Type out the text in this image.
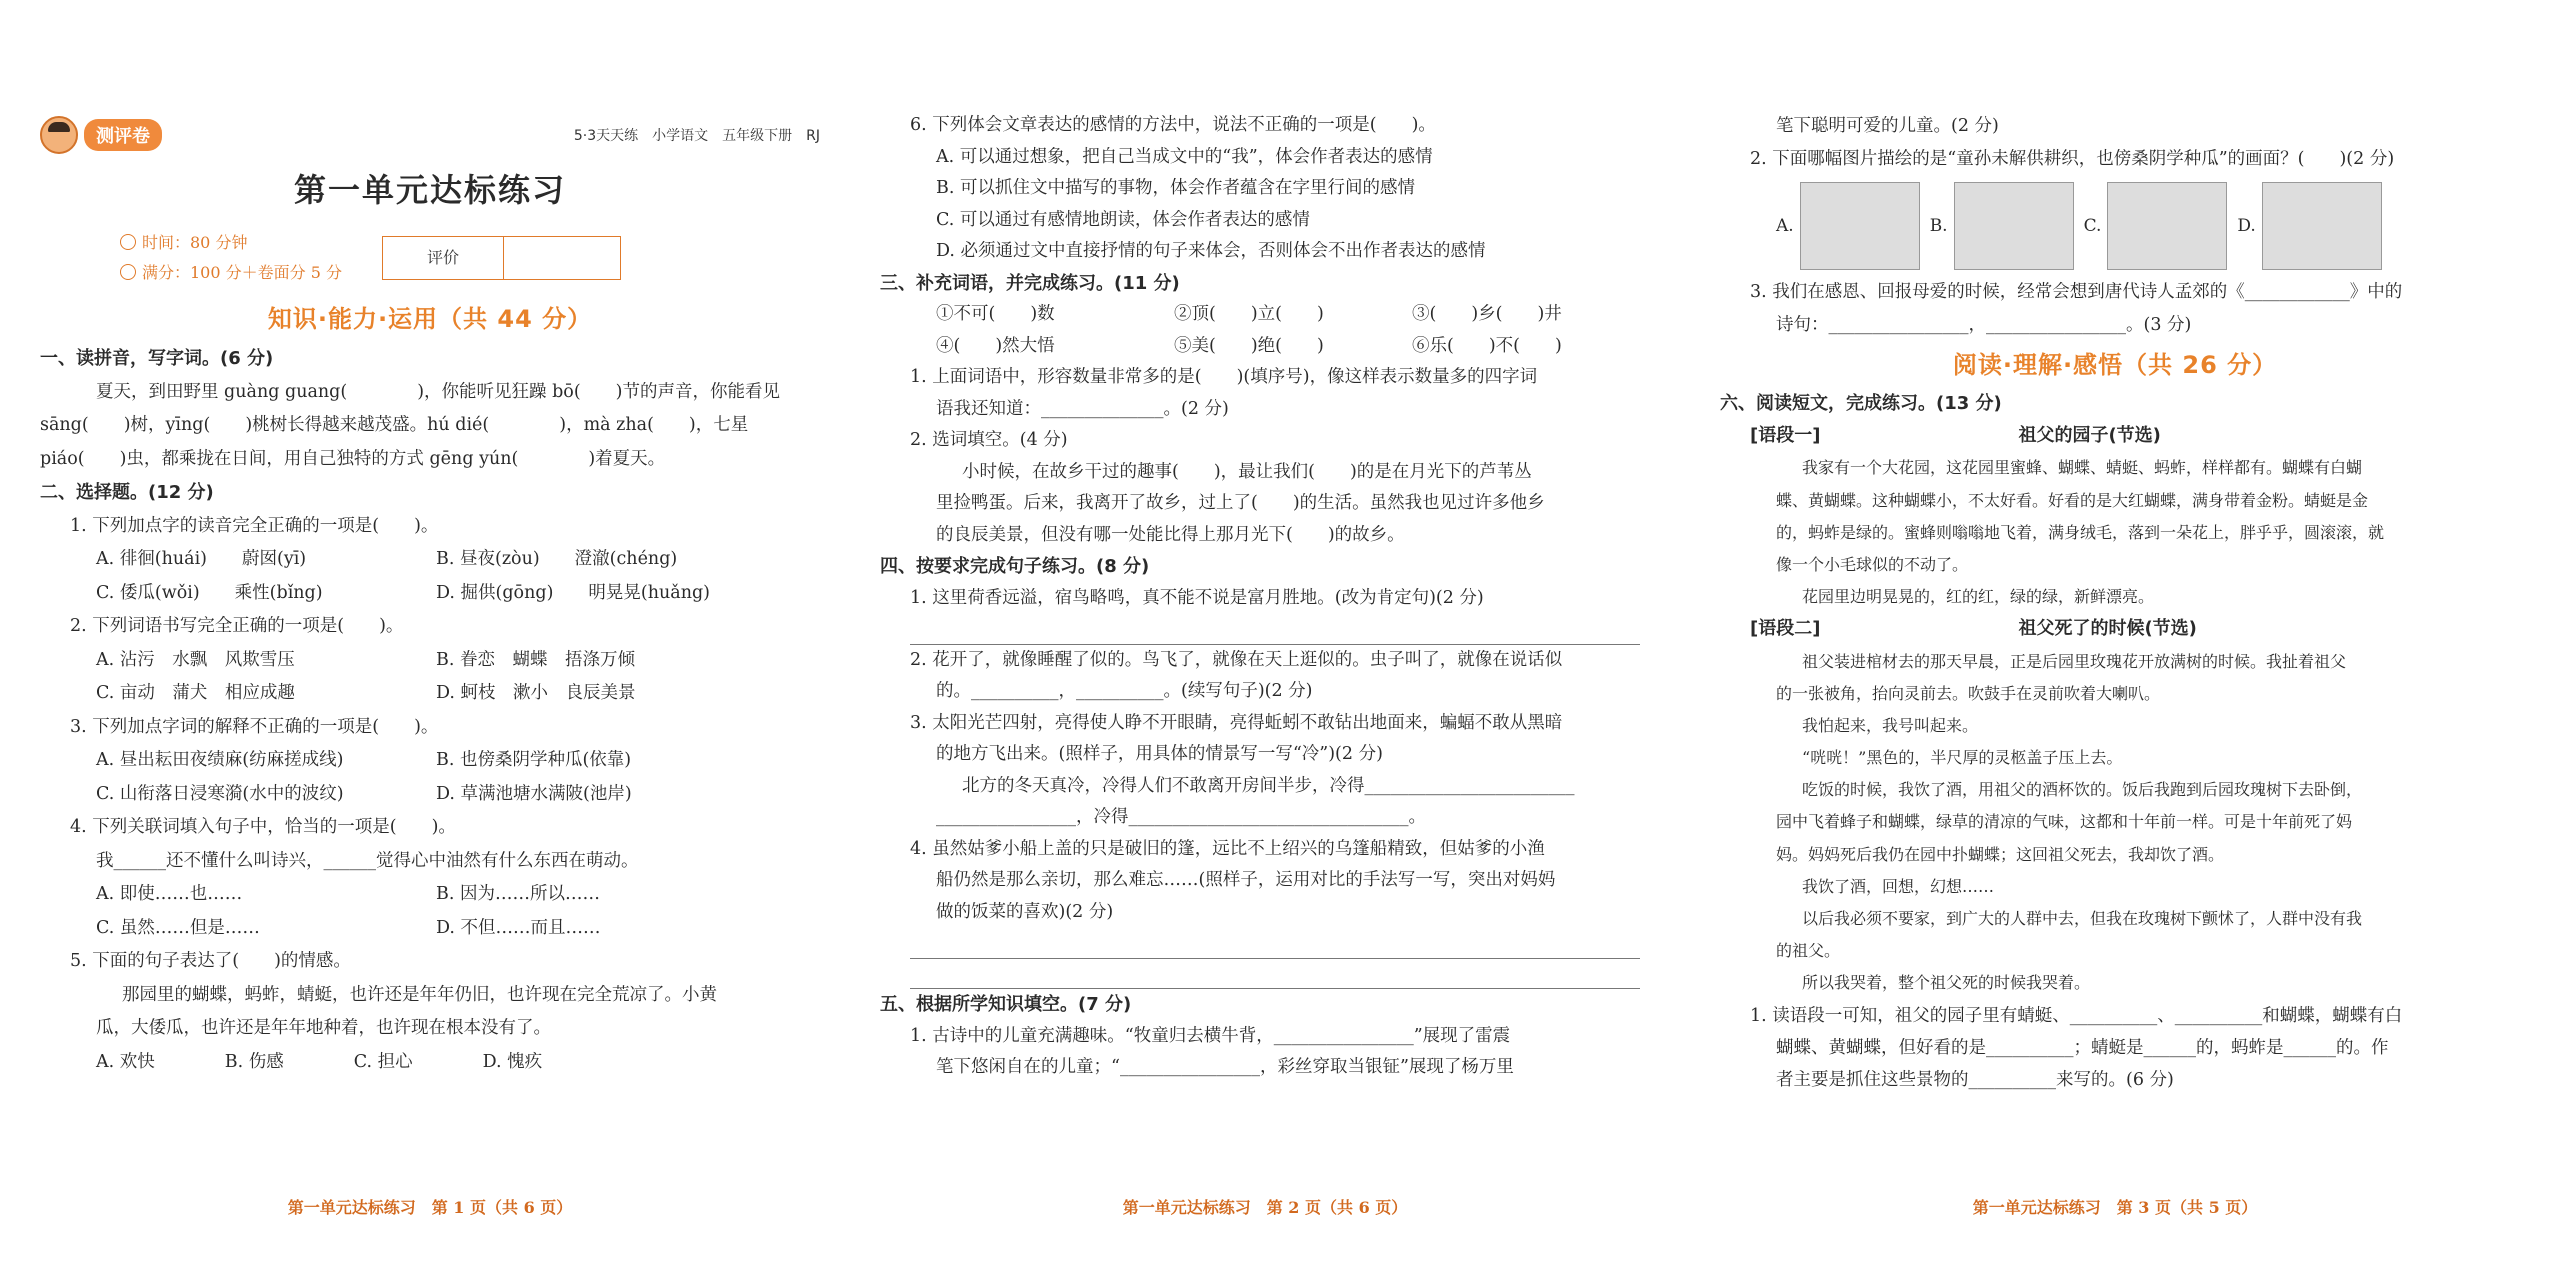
测评卷	5·3天天练　小学语文　五年级下册　RJ
第一单元达标练习
时间：80 分钟
满分：100 分＋卷面分 5 分
评价
知识·能力·运用（共 44 分）
一、读拼音，写字词。(6 分)
夏天，到田野里 guàng guang(　　　　)，你能听见狂躁 bō(　　)节的声音，你能看见
sāng(　　)树，yīng(　　)桃树长得越来越茂盛。hú dié(　　　　)，mà zha(　　)，七星
piáo(　　)虫，都乘拢在日间，用自己独特的方式 gēng yún(　　　　)着夏天。
二、选择题。(12 分)
1. 下列加点字的读音完全正确的一项是(　　)。
A. 徘徊(huái)　　蔚囡(yī)	B. 昼夜(zòu)　　澄澈(chéng)
C. 倭瓜(wǒi)　　乘性(bǐng)	D. 掘供(gōng)　　明晃晃(huǎng)
2. 下列词语书写完全正确的一项是(　　)。
A. 沾污　水飘　风欺雪压	B. 眷恋　蝴蝶　捂涤万倾
C. 亩动　蒲犬　相应成趣	D. 蚵枝　漱小　良辰美景
3. 下列加点字词的解释不正确的一项是(　　)。
A. 昼出耘田夜绩麻(纺麻搓成线)	B. 也傍桑阴学种瓜(依靠)
C. 山衔落日浸寒漪(水中的波纹)	D. 草满池塘水满陂(池岸)
4. 下列关联词填入句子中，恰当的一项是(　　)。
我______还不懂什么叫诗兴，______觉得心中油然有什么东西在萌动。
A. 即使……也……	B. 因为……所以……
C. 虽然……但是……	D. 不但……而且……
5. 下面的句子表达了(　　)的情感。
那园里的蝴蝶，蚂蚱，蜻蜓，也许还是年年仍旧，也许现在完全荒凉了。小黄
瓜，大倭瓜，也许还是年年地种着，也许现在根本没有了。
A. 欢快　　　　B. 伤感　　　　C. 担心　　　　D. 愧疚
第一单元达标练习　第 1 页（共 6 页）
6. 下列体会文章表达的感情的方法中，说法不正确的一项是(　　)。
A. 可以通过想象，把自己当成文中的“我”，体会作者表达的感情
B. 可以抓住文中描写的事物，体会作者蕴含在字里行间的感情
C. 可以通过有感情地朗读，体会作者表达的感情
D. 必须通过文中直接抒情的句子来体会，否则体会不出作者表达的感情
三、补充词语，并完成练习。(11 分)
①不可(　　)数	②顶(　　)立(　　)	③(　　)乡(　　)井
④(　　)然大悟	⑤美(　　)绝(　　)	⑥乐(　　)不(　　)
1. 上面词语中，形容数量非常多的是(　　)(填序号)，像这样表示数量多的四字词
语我还知道：______________。(2 分)
2. 选词填空。(4 分)
小时候，在故乡干过的趣事(　　)，最让我们(　　)的是在月光下的芦苇丛
里捡鸭蛋。后来，我离开了故乡，过上了(　　)的生活。虽然我也见过许多他乡
的良辰美景，但没有哪一处能比得上那月光下(　　)的故乡。
四、按要求完成句子练习。(8 分)
1. 这里荷香远溢，宿鸟略鸣，真不能不说是富月胜地。(改为肯定句)(2 分)
2. 花开了，就像睡醒了似的。鸟飞了，就像在天上逛似的。虫子叫了，就像在说话似
的。__________，__________。(续写句子)(2 分)
3. 太阳光芒四射，亮得使人睁不开眼睛，亮得蚯蚓不敢钻出地面来，蝙蝠不敢从黑暗
的地方飞出来。(照样子，用具体的情景写一写“冷”)(2 分)
北方的冬天真冷，冷得人们不敢离开房间半步，冷得________________________
________________，冷得________________________________。
4. 虽然姑爹小船上盖的只是破旧的篷，远比不上绍兴的乌篷船精致，但姑爹的小渔
船仍然是那么亲切，那么难忘……(照样子，运用对比的手法写一写，突出对妈妈
做的饭菜的喜欢)(2 分)
五、根据所学知识填空。(7 分)
1. 古诗中的儿童充满趣味。“牧童归去横牛背，________________”展现了雷震
笔下悠闲自在的儿童；“________________，彩丝穿取当银钲”展现了杨万里
第一单元达标练习　第 2 页（共 6 页）
笔下聪明可爱的儿童。(2 分)
2. 下面哪幅图片描绘的是“童孙未解供耕织，也傍桑阴学种瓜”的画面？(　　)(2 分)
A.	B.	C.	D.
3. 我们在感恩、回报母爱的时候，经常会想到唐代诗人孟郊的《____________》中的
诗句：________________，________________。(3 分)
阅读·理解·感悟（共 26 分）
六、阅读短文，完成练习。(13 分)
[语段一]　　　　　　　　　　　祖父的园子(节选)
我家有一个大花园，这花园里蜜蜂、蝴蝶、蜻蜓、蚂蚱，样样都有。蝴蝶有白蝴
蝶、黄蝴蝶。这种蝴蝶小，不太好看。好看的是大红蝴蝶，满身带着金粉。蜻蜓是金
的，蚂蚱是绿的。蜜蜂则嗡嗡地飞着，满身绒毛，落到一朵花上，胖乎乎，圆滚滚，就
像一个小毛球似的不动了。
花园里边明晃晃的，红的红，绿的绿，新鲜漂亮。
[语段二]　　　　　　　　　　　祖父死了的时候(节选)
祖父装进棺材去的那天早晨，正是后园里玫瑰花开放满树的时候。我扯着祖父
的一张被角，抬向灵前去。吹鼓手在灵前吹着大喇叭。
我怕起来，我号叫起来。
“咣咣！”黑色的，半尺厚的灵柩盖子压上去。
吃饭的时候，我饮了酒，用祖父的酒杯饮的。饭后我跑到后园玫瑰树下去卧倒，
园中飞着蜂子和蝴蝶，绿草的清凉的气味，这都和十年前一样。可是十年前死了妈
妈。妈妈死后我仍在园中扑蝴蝶；这回祖父死去，我却饮了酒。
我饮了酒，回想，幻想……
以后我必须不要家，到广大的人群中去，但我在玫瑰树下颤怵了，人群中没有我
的祖父。
所以我哭着，整个祖父死的时候我哭着。
1. 读语段一可知，祖父的园子里有蜻蜓、__________、__________和蝴蝶，蝴蝶有白
蝴蝶、黄蝴蝶，但好看的是__________；蜻蜓是______的，蚂蚱是______的。作
者主要是抓住这些景物的__________来写的。(6 分)
第一单元达标练习　第 3 页（共 5 页）
